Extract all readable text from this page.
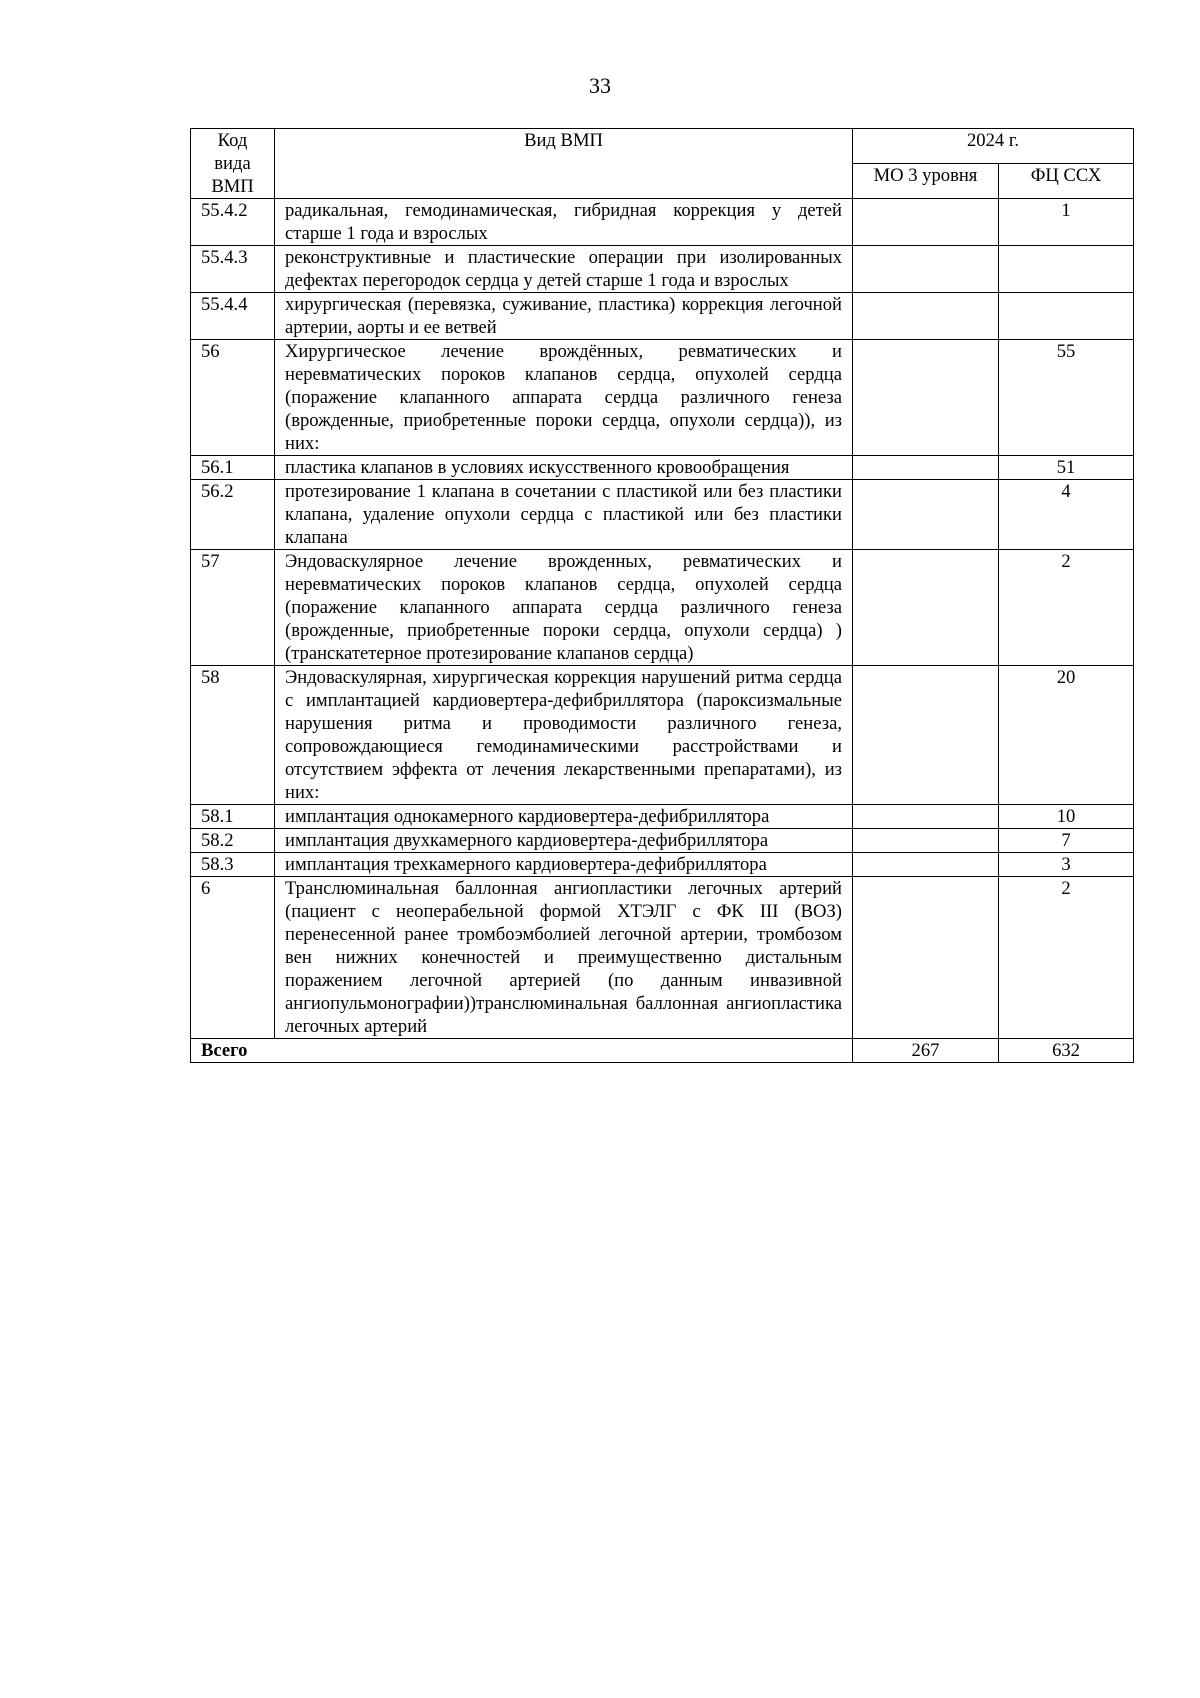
33
Код вида ВМП	Вид ВМП	2024 г.	
		МО 3 уровня	ФЦ ССХ
55.4.2	радикальная, гемодинамическая, гибридная коррекция у детей старше 1 года и взрослых		1
55.4.3	реконструктивные и пластические операции при изолированных дефектах перегородок сердца у детей старше 1 года и взрослых		
55.4.4	хирургическая (перевязка, суживание, пластика) коррекция легочной артерии, аорты и ее ветвей		
56	Хирургическое лечение врождённых, ревматических и неревматических пороков клапанов сердца, опухолей сердца (поражение клапанного аппарата сердца различного генеза (врожденные, приобретенные пороки сердца, опухоли сердца)), из них:		55
56.1	пластика клапанов в условиях искусственного кровообращения		51
56.2	протезирование 1 клапана в сочетании с пластикой или без пластики клапана, удаление опухоли сердца с пластикой или без пластики клапана		4
57	Эндоваскулярное лечение врожденных, ревматических и неревматических пороков клапанов сердца, опухолей сердца (поражение клапанного аппарата сердца различного генеза (врожденные, приобретенные пороки сердца, опухоли сердца) )(транскатетерное протезирование клапанов сердца)		2
58	Эндоваскулярная, хирургическая коррекция нарушений ритма сердца с имплантацией кардиовертера-дефибриллятора (пароксизмальные нарушения ритма и проводимости различного генеза, сопровождающиеся гемодинамическими расстройствами и отсутствием эффекта от лечения лекарственными препаратами), из них:		20
58.1	имплантация однокамерного кардиовертера-дефибриллятора		10
58.2	имплантация двухкамерного кардиовертера-дефибриллятора		7
58.3	имплантация трехкамерного кардиовертера-дефибриллятора		3
6	Транслюминальная баллонная ангиопластики легочных артерий (пациент с неоперабельной формой ХТЭЛГ с ФК III (ВОЗ) перенесенной ранее тромбоэмболией легочной артерии, тромбозом вен нижних конечностей и преимущественно дистальным поражением легочной артерией (по данным инвазивной ангиопульмонографии))транслюминальная баллонная ангиопластика легочных артерий		2
Всего		267	632
